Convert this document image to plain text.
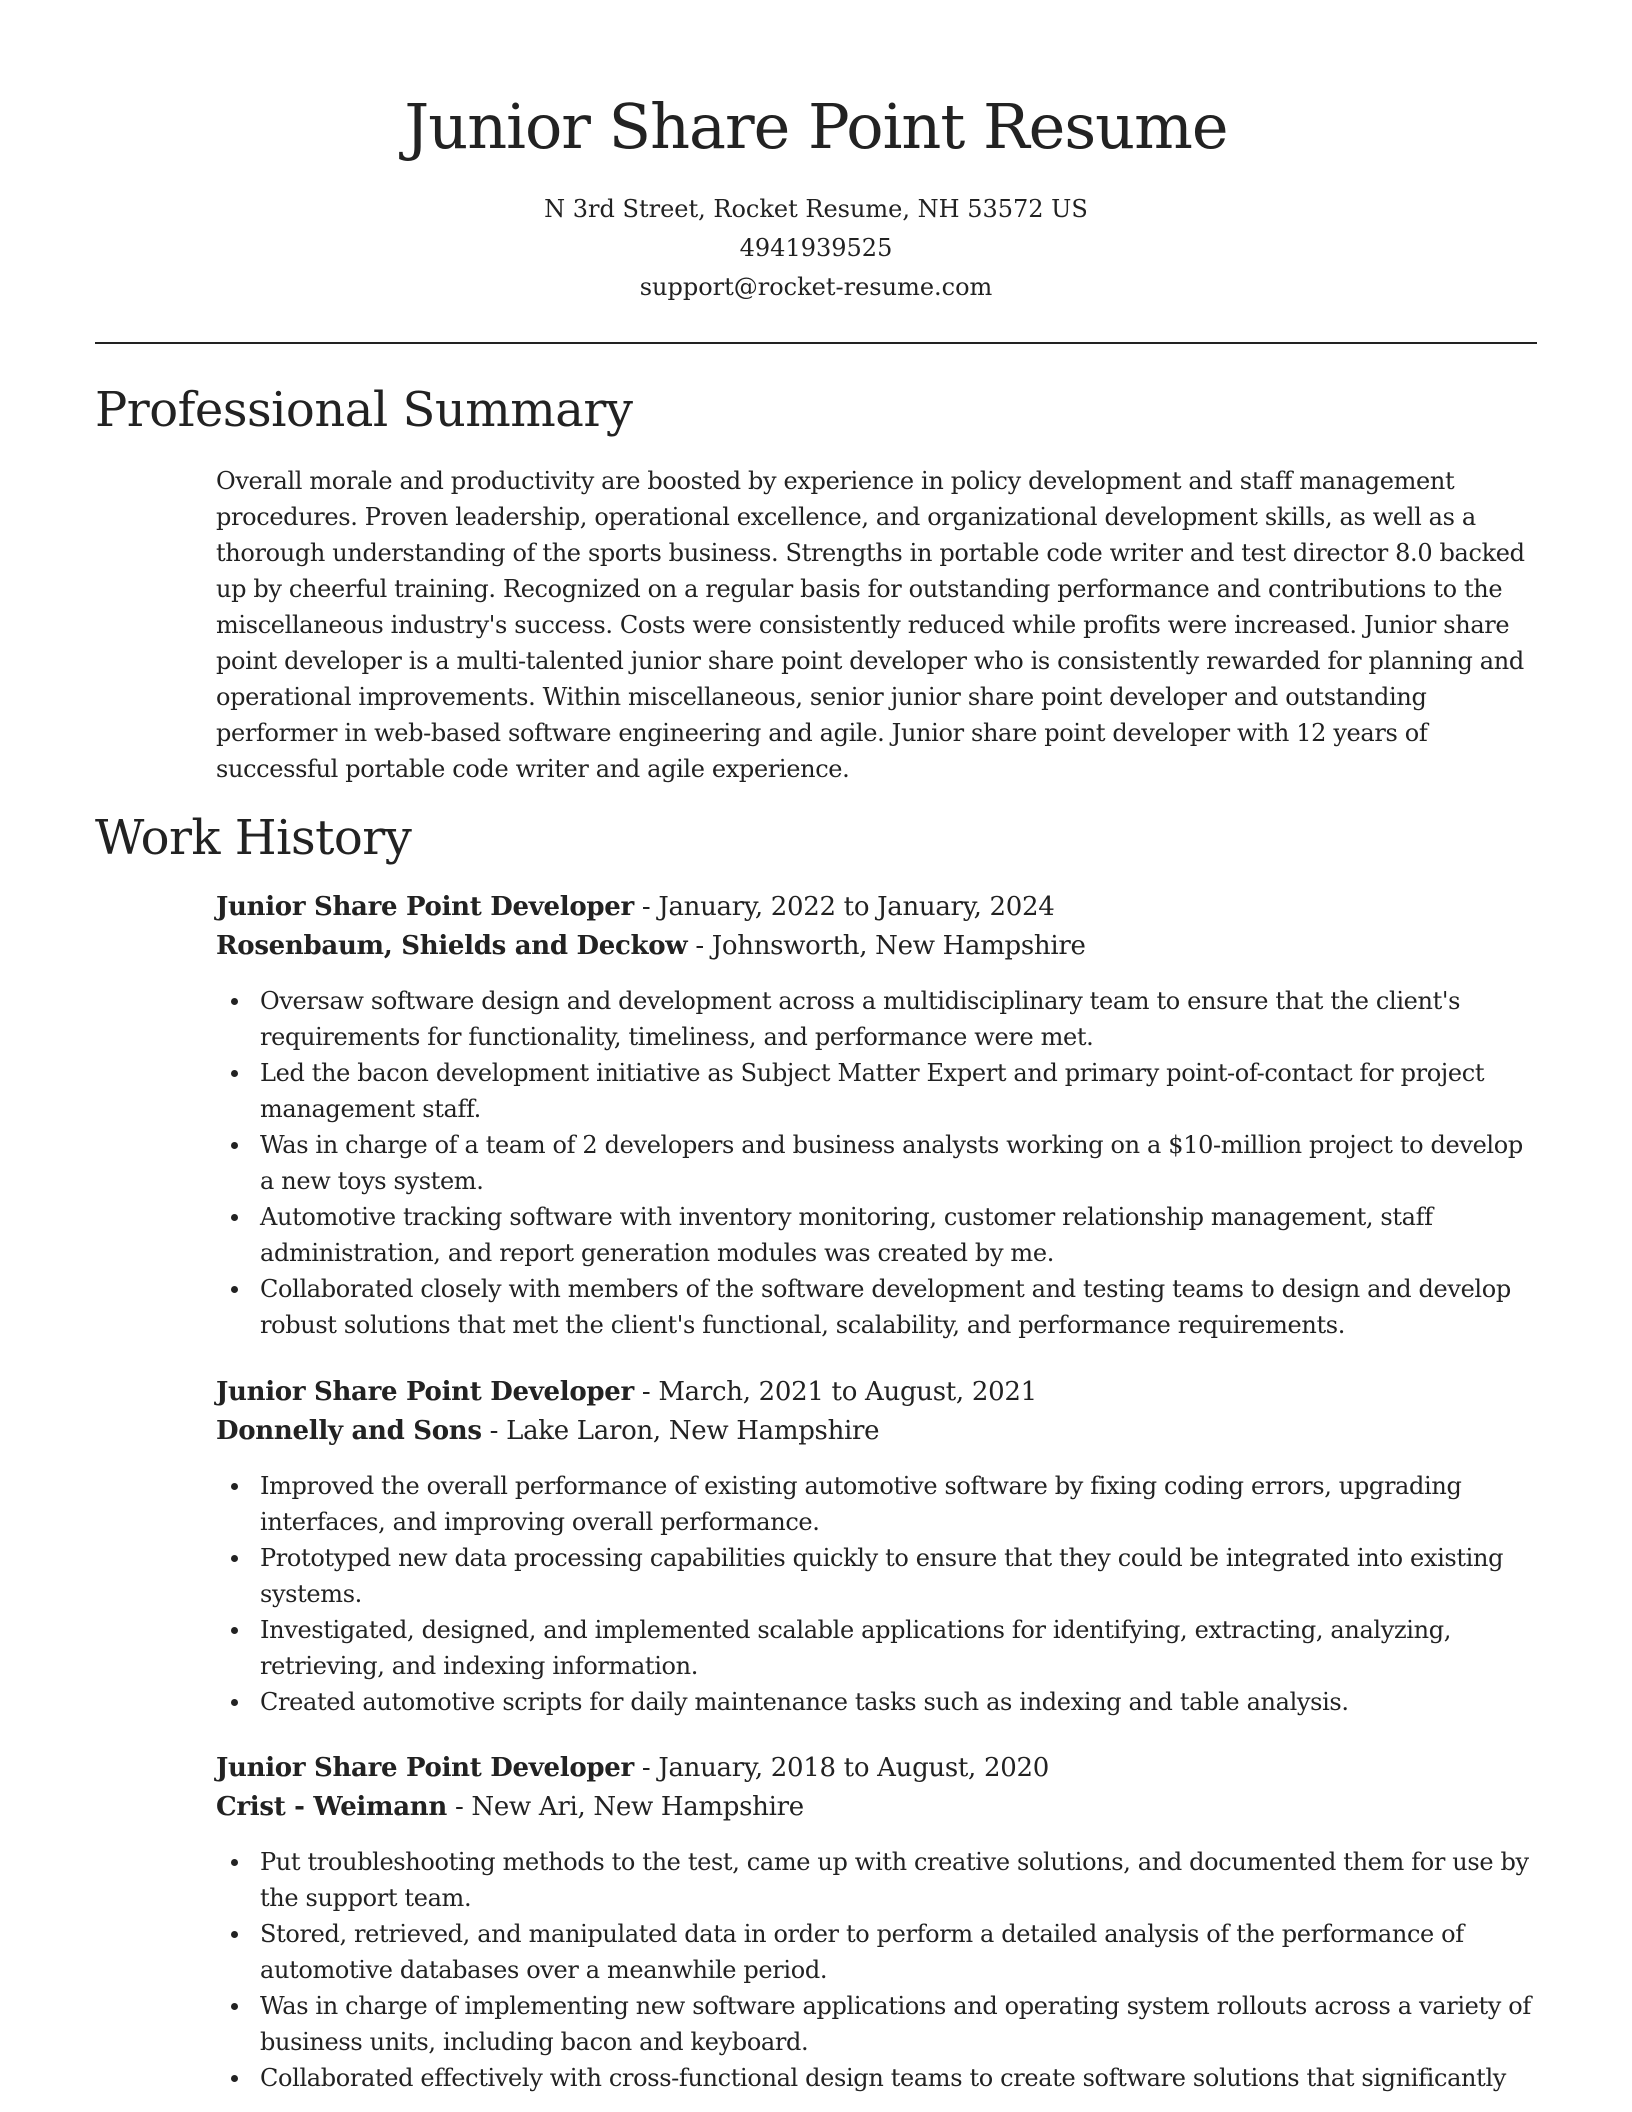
Junior Share Point Resume

N 3rd Street, Rocket Resume, NH 53572 US

4941939525

support@rocket-resume.com

Professional Summary

Overall morale and productivity are boosted by experience in policy development and staff management procedures. Proven leadership, operational excellence, and organizational development skills, as well as a thorough understanding of the sports business. Strengths in portable code writer and test director 8.0 backed up by cheerful training. Recognized on a regular basis for outstanding performance and contributions to the miscellaneous industry's success. Costs were consistently reduced while profits were increased. Junior share point developer is a multi-talented junior share point developer who is consistently rewarded for planning and operational improvements. Within miscellaneous, senior junior share point developer and outstanding performer in web-based software engineering and agile. Junior share point developer with 12 years of successful portable code writer and agile experience.

Work History

Junior Share Point Developer - January, 2022 to January, 2024

Rosenbaum, Shields and Deckow - Johnsworth, New Hampshire

Oversaw software design and development across a multidisciplinary team to ensure that the client's requirements for functionality, timeliness, and performance were met.
Led the bacon development initiative as Subject Matter Expert and primary point-of-contact for project management staff.
Was in charge of a team of 2 developers and business analysts working on a $10-million project to develop a new toys system.
Automotive tracking software with inventory monitoring, customer relationship management, staff administration, and report generation modules was created by me.
Collaborated closely with members of the software development and testing teams to design and develop robust solutions that met the client's functional, scalability, and performance requirements.

Junior Share Point Developer - March, 2021 to August, 2021

Donnelly and Sons - Lake Laron, New Hampshire

Improved the overall performance of existing automotive software by fixing coding errors, upgrading interfaces, and improving overall performance.
Prototyped new data processing capabilities quickly to ensure that they could be integrated into existing systems.
Investigated, designed, and implemented scalable applications for identifying, extracting, analyzing, retrieving, and indexing information.
Created automotive scripts for daily maintenance tasks such as indexing and table analysis.

Junior Share Point Developer - January, 2018 to August, 2020

Crist - Weimann - New Ari, New Hampshire

Put troubleshooting methods to the test, came up with creative solutions, and documented them for use by the support team.
Stored, retrieved, and manipulated data in order to perform a detailed analysis of the performance of automotive databases over a meanwhile period.
Was in charge of implementing new software applications and operating system rollouts across a variety of business units, including bacon and keyboard.
Collaborated effectively with cross-functional design teams to create software solutions that significantly
